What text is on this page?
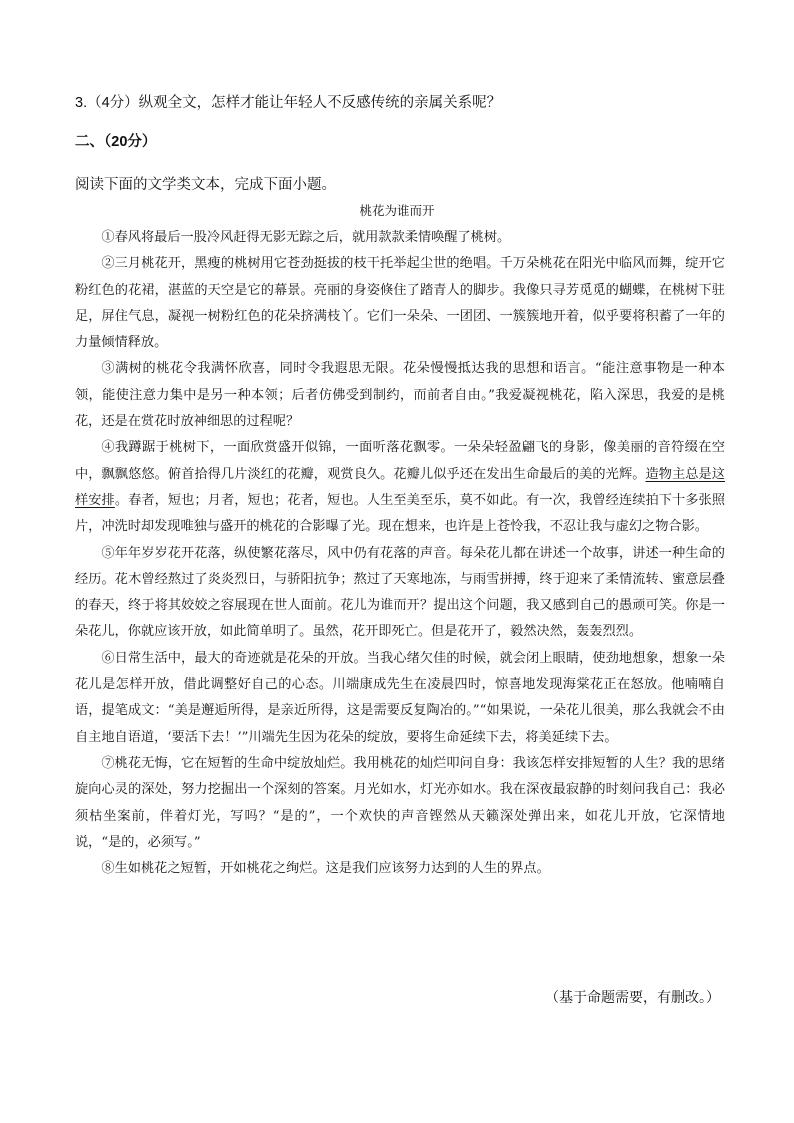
3.（4分）纵观全文，怎样才能让年轻人不反感传统的亲属关系呢？
二、（20分）
阅读下面的文学类文本，完成下面小题。
桃花为谁而开

①春风将最后一股冷风赶得无影无踪之后，就用款款柔情唤醒了桃树。

②三月桃花开，黑瘦的桃树用它苍劲挺拔的枝干托举起尘世的绝唱。千万朵桃花在阳光中临风而舞，绽开它粉红色的花裙，湛蓝的天空是它的幕景。亮丽的身姿倏住了踏青人的脚步。我像只寻芳觅觅的蝴蝶，在桃树下驻足，屏住气息，凝视一树粉红色的花朵挤满枝丫。它们一朵朵、一团团、一簇簇地开着，似乎要将积蓄了一年的力量倾情释放。

③满树的桃花令我满怀欣喜，同时令我遐思无限。花朵慢慢抵达我的思想和语言。“能注意事物是一种本领，能使注意力集中是另一种本领；后者仿佛受到制约，而前者自由。”我爱凝视桃花，陷入深思，我爱的是桃花，还是在赏花时放神细思的过程呢？

④我蹲踞于桃树下，一面欣赏盛开似锦，一面听落花飘零。一朵朵轻盈翩飞的身影，像美丽的音符缀在空中，飘飘悠悠。俯首拾得几片淡红的花瓣，观赏良久。花瓣儿似乎还在发出生命最后的美的光辉。造物主总是这样安排。春者，短也；月者，短也；花者，短也。人生至美至乐，莫不如此。有一次，我曾经连续拍下十多张照片，冲洗时却发现唯独与盛开的桃花的合影曝了光。现在想来，也许是上苍怜我，不忍让我与虚幻之物合影。

⑤年年岁岁花开花落，纵使繁花落尽，风中仍有花落的声音。每朵花儿都在讲述一个故事，讲述一种生命的经历。花木曾经熬过了炎炎烈日，与骄阳抗争；熬过了天寒地冻，与雨雪拼搏，终于迎来了柔情流转、蜜意层叠的春天，终于将其姣姣之容展现在世人面前。花儿为谁而开？提出这个问题，我又感到自己的愚顽可笑。你是一朵花儿，你就应该开放，如此简单明了。虽然，花开即死亡。但是花开了，毅然决然，轰轰烈烈。

⑥日常生活中，最大的奇迹就是花朵的开放。当我心绪欠佳的时候，就会闭上眼睛，使劲地想象，想象一朵花儿是怎样开放，借此调整好自己的心态。川端康成先生在凌晨四时，惊喜地发现海棠花正在怒放。他喃喃自语，提笔成文：“美是邂逅所得，是亲近所得，这是需要反复陶冶的。”“如果说，一朵花儿很美，那么我就会不由自主地自语道，‘要活下去！’”川端先生因为花朵的绽放，要将生命延续下去，将美延续下去。

⑦桃花无悔，它在短暂的生命中绽放灿烂。我用桃花的灿烂叩问自身：我该怎样安排短暂的人生？我的思绪旋向心灵的深处，努力挖掘出一个深刻的答案。月光如水，灯光亦如水。我在深夜最寂静的时刻问我自己：我必须枯坐案前，伴着灯光，写吗？“是的”，一个欢快的声音铿然从天籁深处弹出来，如花儿开放，它深情地说，“是的，必须写。”

⑧生如桃花之短暂，开如桃花之绚烂。这是我们应该努力达到的人生的界点。

（基于命题需要，有删改。）
